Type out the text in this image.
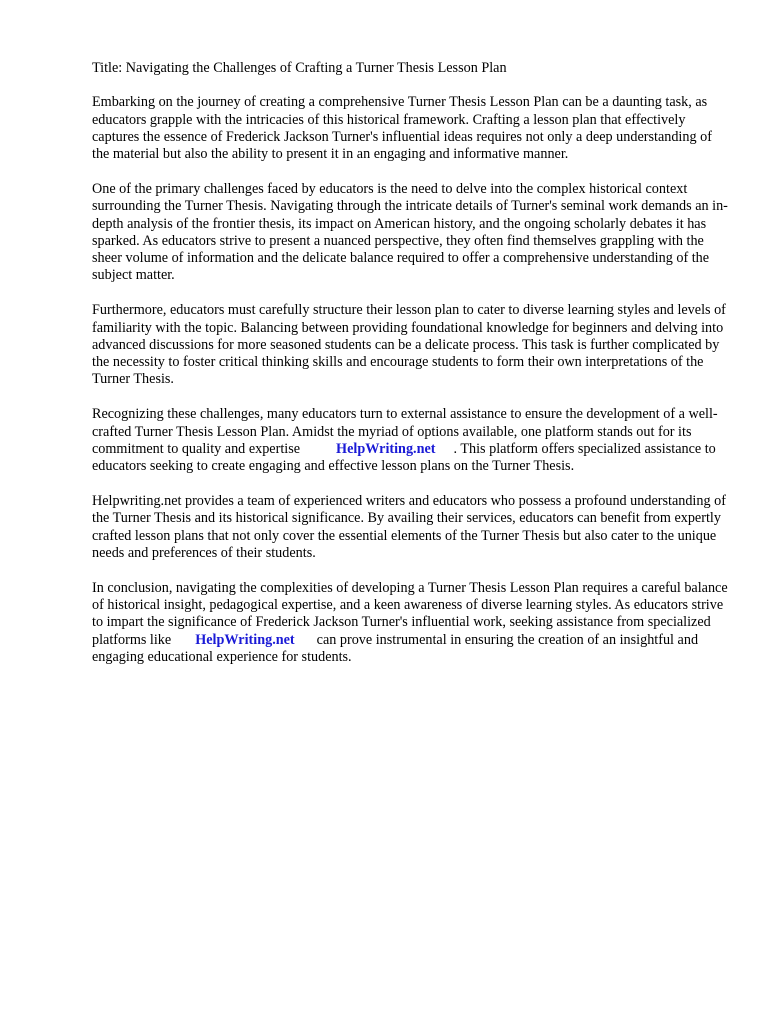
Title: Navigating the Challenges of Crafting a Turner Thesis Lesson Plan

Embarking on the journey of creating a comprehensive Turner Thesis Lesson Plan can be a daunting task, as educators grapple with the intricacies of this historical framework. Crafting a lesson plan that effectively captures the essence of Frederick Jackson Turner's influential ideas requires not only a deep understanding of the material but also the ability to present it in an engaging and informative manner.

One of the primary challenges faced by educators is the need to delve into the complex historical context surrounding the Turner Thesis. Navigating through the intricate details of Turner's seminal work demands an in-depth analysis of the frontier thesis, its impact on American history, and the ongoing scholarly debates it has sparked. As educators strive to present a nuanced perspective, they often find themselves grappling with the sheer volume of information and the delicate balance required to offer a comprehensive understanding of the subject matter.

Furthermore, educators must carefully structure their lesson plan to cater to diverse learning styles and levels of familiarity with the topic. Balancing between providing foundational knowledge for beginners and delving into advanced discussions for more seasoned students can be a delicate process. This task is further complicated by the necessity to foster critical thinking skills and encourage students to form their own interpretations of the Turner Thesis.

Recognizing these challenges, many educators turn to external assistance to ensure the development of a well-crafted Turner Thesis Lesson Plan. Amidst the myriad of options available, one platform stands out for its commitment to quality and expertise	HelpWriting.net . This platform offers specialized assistance to educators seeking to create engaging and effective lesson plans on the Turner Thesis.

Helpwriting.net provides a team of experienced writers and educators who possess a profound understanding of the Turner Thesis and its historical significance. By availing their services, educators can benefit from expertly crafted lesson plans that not only cover the essential elements of the Turner Thesis but also cater to the unique needs and preferences of their students.

In conclusion, navigating the complexities of developing a Turner Thesis Lesson Plan requires a careful balance of historical insight, pedagogical expertise, and a keen awareness of diverse learning styles. As educators strive to impart the significance of Frederick Jackson Turner's influential work, seeking assistance from specialized platforms like HelpWriting.net can prove instrumental in ensuring the creation of an insightful and engaging educational experience for students.
